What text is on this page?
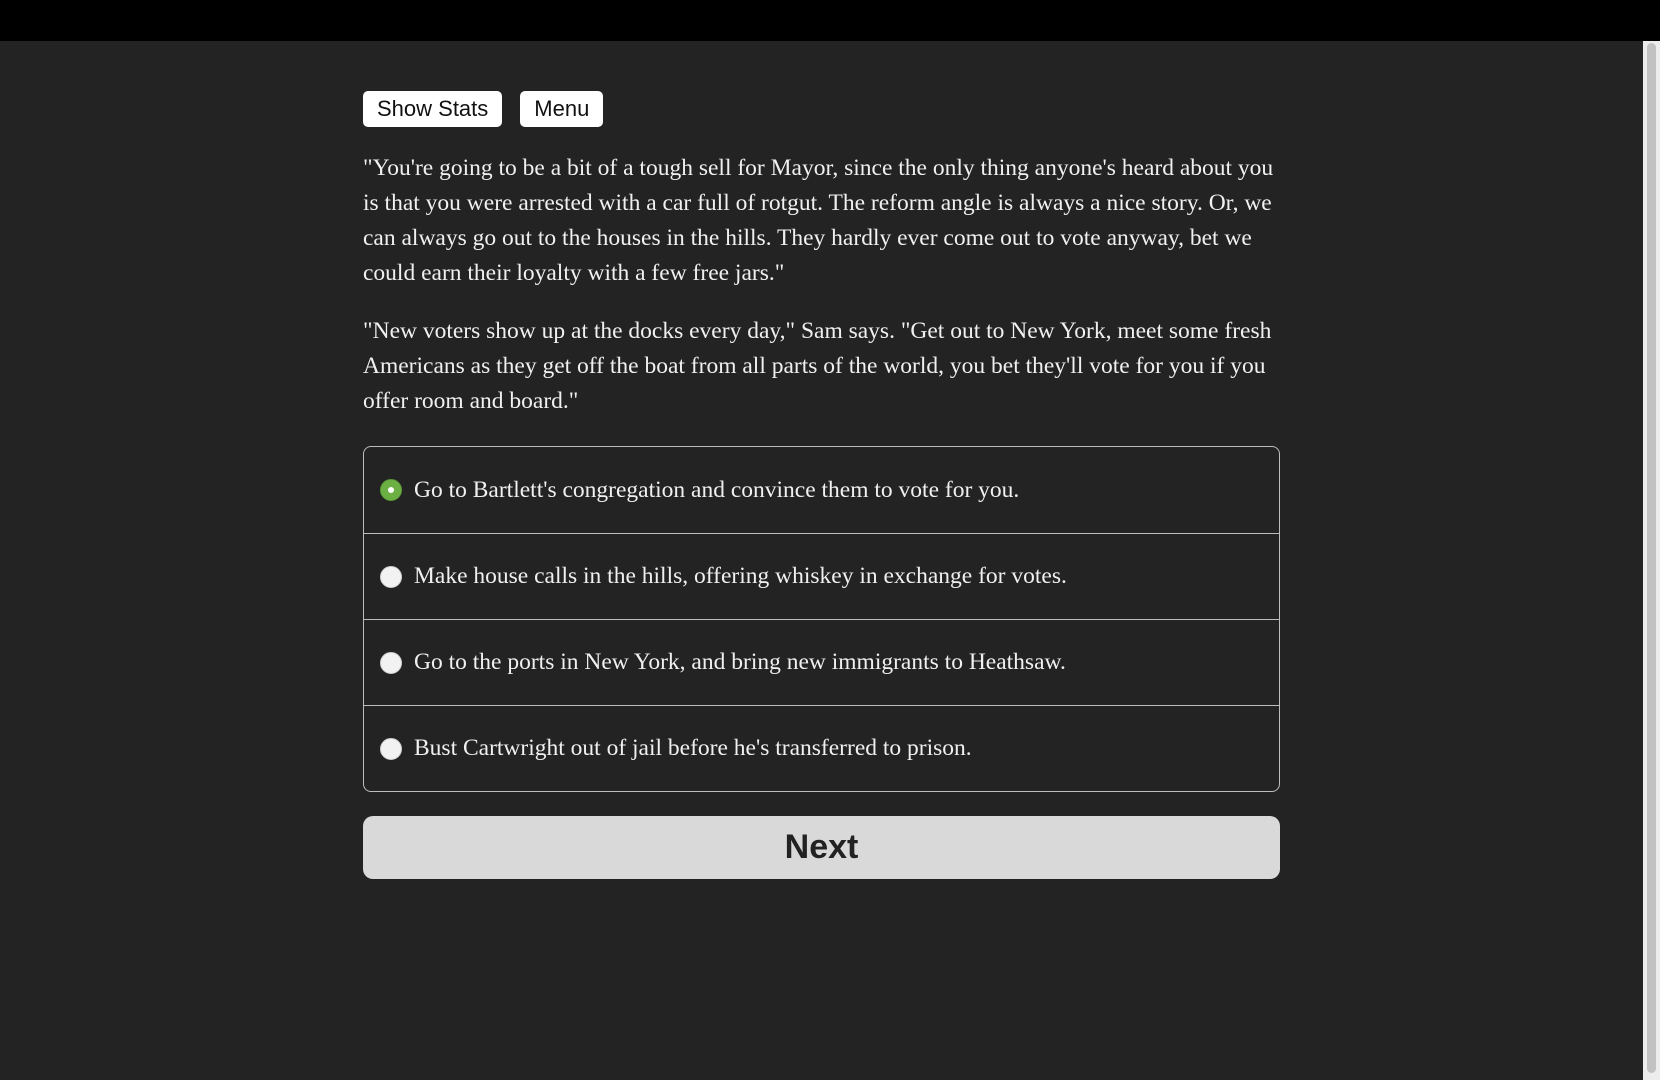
Show Stats	Menu

"You're going to be a bit of a tough sell for Mayor, since the only thing anyone's heard about you is that you were arrested with a car full of rotgut. The reform angle is always a nice story. Or, we can always go out to the houses in the hills. They hardly ever come out to vote anyway, bet we could earn their loyalty with a few free jars."

"New voters show up at the docks every day," Sam says. "Get out to New York, meet some fresh Americans as they get off the boat from all parts of the world, you bet they'll vote for you if you offer room and board."

Go to Bartlett's congregation and convince them to vote for you.
Make house calls in the hills, offering whiskey in exchange for votes.
Go to the ports in New York, and bring new immigrants to Heathsaw.
Bust Cartwright out of jail before he's transferred to prison.
Next
